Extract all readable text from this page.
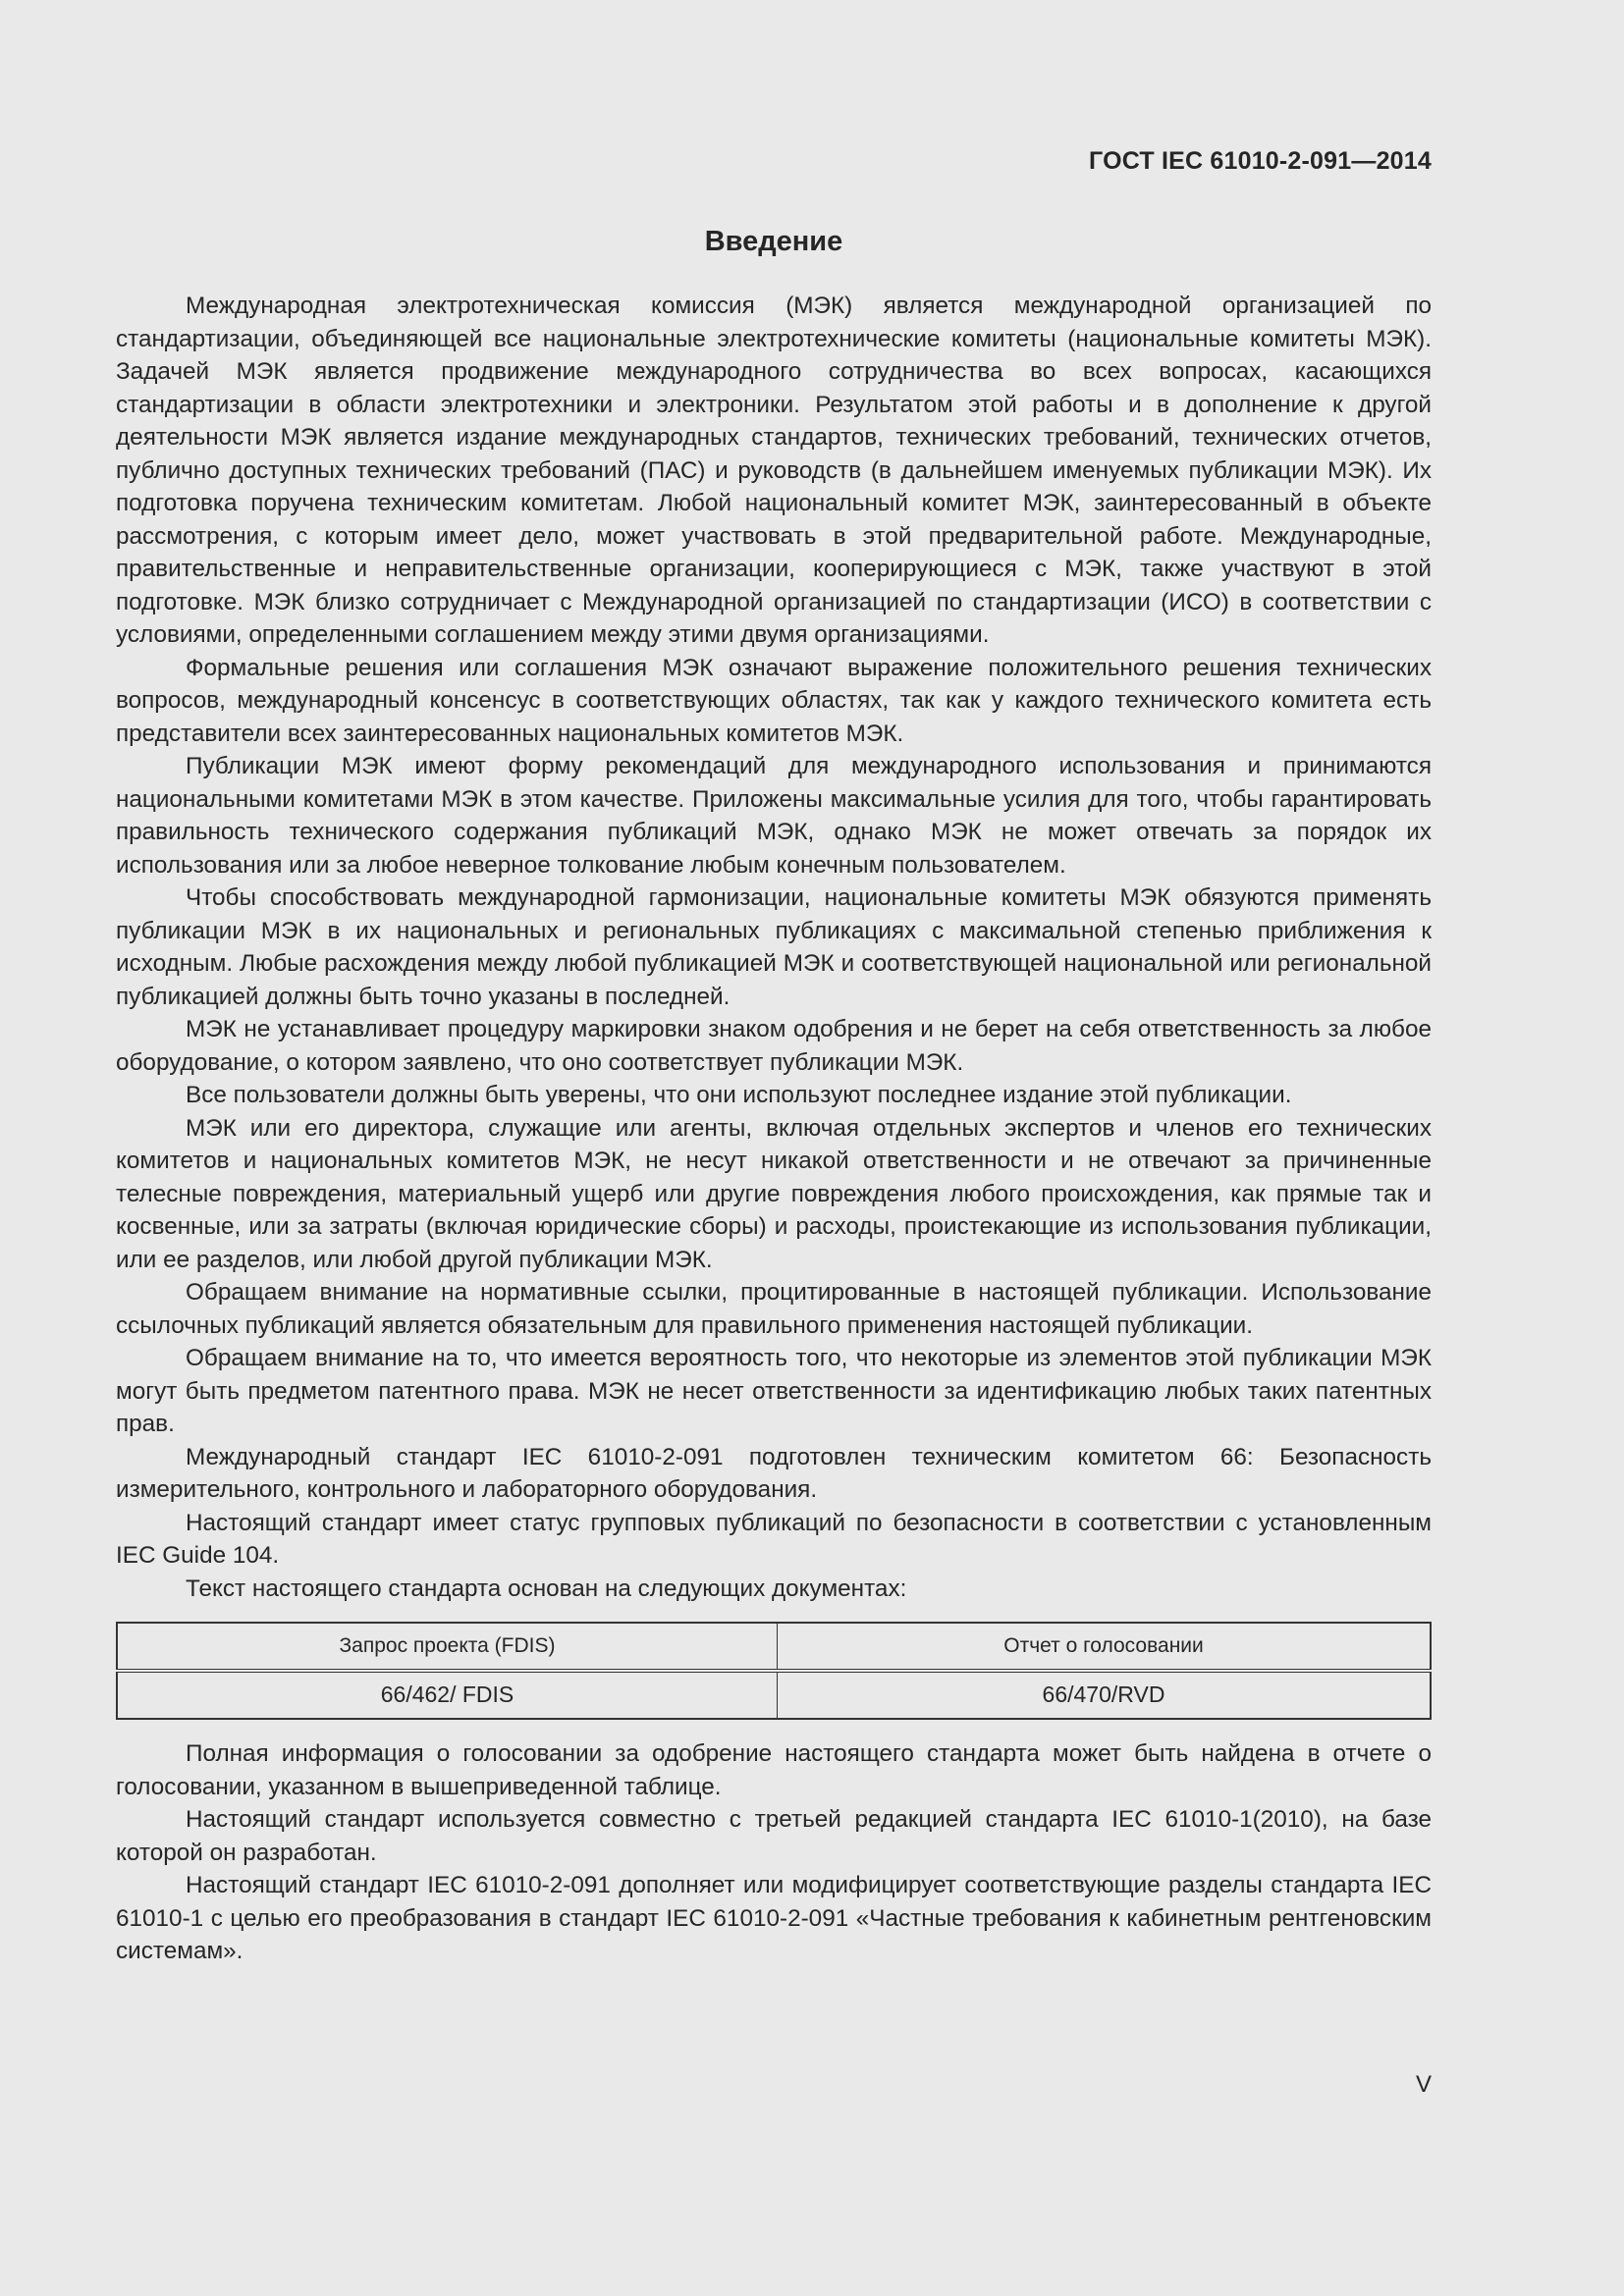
ГОСТ IEC 61010-2-091—2014
Введение

Международная электротехническая комиссия (МЭК) является международной организацией по стандартизации, объединяющей все национальные электротехнические комитеты (национальные комитеты МЭК). Задачей МЭК является продвижение международного сотрудничества во всех вопросах, касающихся стандартизации в области электротехники и электроники. Результатом этой работы и в дополнение к другой деятельности МЭК является издание международных стандартов, технических требований, технических отчетов, публично доступных технических требований (ПАС) и руководств (в дальнейшем именуемых публикации МЭК). Их подготовка поручена техническим комитетам. Любой национальный комитет МЭК, заинтересованный в объекте рассмотрения, с которым имеет дело, может участвовать в этой предварительной работе. Международные, правительственные и неправительственные организации, кооперирующиеся с МЭК, также участвуют в этой подготовке. МЭК близко сотрудничает с Международной организацией по стандартизации (ИСО) в соответствии с условиями, определенными соглашением между этими двумя организациями.

Формальные решения или соглашения МЭК означают выражение положительного решения технических вопросов, международный консенсус в соответствующих областях, так как у каждого технического комитета есть представители всех заинтересованных национальных комитетов МЭК.

Публикации МЭК имеют форму рекомендаций для международного использования и принимаются национальными комитетами МЭК в этом качестве. Приложены максимальные усилия для того, чтобы гарантировать правильность технического содержания публикаций МЭК, однако МЭК не может отвечать за порядок их использования или за любое неверное толкование любым конечным пользователем.

Чтобы способствовать международной гармонизации, национальные комитеты МЭК обязуются применять публикации МЭК в их национальных и региональных публикациях с максимальной степенью приближения к исходным. Любые расхождения между любой публикацией МЭК и соответствующей национальной или региональной публикацией должны быть точно указаны в последней.

МЭК не устанавливает процедуру маркировки знаком одобрения и не берет на себя ответственность за любое оборудование, о котором заявлено, что оно соответствует публикации МЭК.

Все пользователи должны быть уверены, что они используют последнее издание этой публикации.

МЭК или его директора, служащие или агенты, включая отдельных экспертов и членов его технических комитетов и национальных комитетов МЭК, не несут никакой ответственности и не отвечают за причиненные телесные повреждения, материальный ущерб или другие повреждения любого происхождения, как прямые так и косвенные, или за затраты (включая юридические сборы) и расходы, проистекающие из использования публикации, или ее разделов, или любой другой публикации МЭК.

Обращаем внимание на нормативные ссылки, процитированные в настоящей публикации. Использование ссылочных публикаций является обязательным для правильного применения настоящей публикации.

Обращаем внимание на то, что имеется вероятность того, что некоторые из элементов этой публикации МЭК могут быть предметом патентного права. МЭК не несет ответственности за идентификацию любых таких патентных прав.

Международный стандарт IEC 61010-2-091 подготовлен техническим комитетом 66: Безопасность измерительного, контрольного и лабораторного оборудования.

Настоящий стандарт имеет статус групповых публикаций по безопасности в соответствии с установленным IEC Guide 104.

Текст настоящего стандарта основан на следующих документах:

Запрос проекта (FDIS)	Отчет о голосовании
66/462/ FDIS	66/470/RVD

Полная информация о голосовании за одобрение настоящего стандарта может быть найдена в отчете о голосовании, указанном в вышеприведенной таблице.

Настоящий стандарт используется совместно с третьей редакцией стандарта IEC 61010-1(2010), на базе которой он разработан.

Настоящий стандарт IEC 61010-2-091 дополняет или модифицирует соответствующие разделы стандарта IEC 61010-1 с целью его преобразования в стандарт IEC 61010-2-091 «Частные требования к кабинетным рентгеновским системам».

V
